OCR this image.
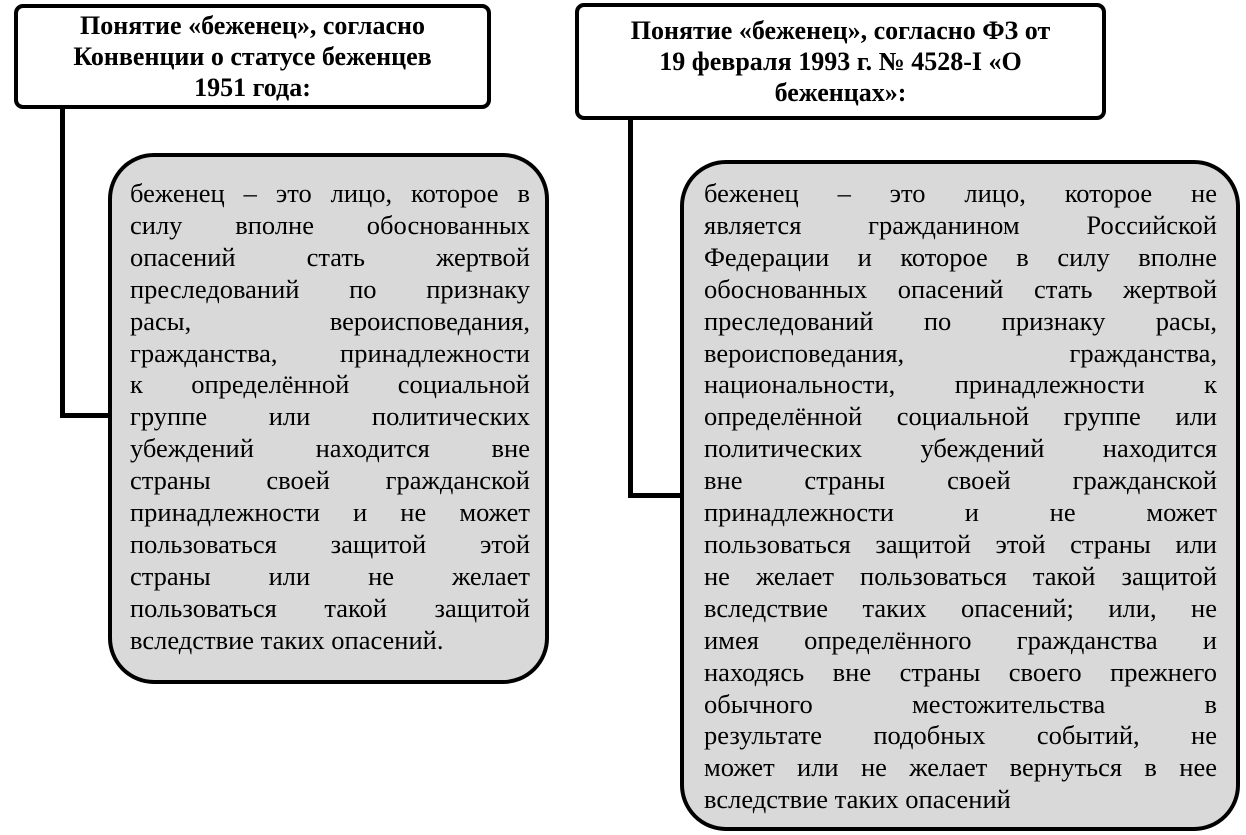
Понятие «беженец», согласно
Конвенции о статусе беженцев
1951 года:
Понятие «беженец», согласно ФЗ от
19 февраля 1993 г. № 4528-I «О
беженцах»:
беженец – это лицо, которое в
силу вполне обоснованных
опасений стать жертвой
преследований по признаку
расы, вероисповедания,
гражданства, принадлежности
к определённой социальной
группе или политических
убеждений находится вне
страны своей гражданской
принадлежности и не может
пользоваться защитой этой
страны или не желает
пользоваться такой защитой
вследствие таких опасений.
беженец – это лицо, которое не
является гражданином Российской
Федерации и которое в силу вполне
обоснованных опасений стать жертвой
преследований по признаку расы,
вероисповедания, гражданства,
национальности, принадлежности к
определённой социальной группе или
политических убеждений находится
вне страны своей гражданской
принадлежности и не может
пользоваться защитой этой страны или
не желает пользоваться такой защитой
вследствие таких опасений; или, не
имея определённого гражданства и
находясь вне страны своего прежнего
обычного местожительства в
результате подобных событий, не
может или не желает вернуться в нее
вследствие таких опасений
